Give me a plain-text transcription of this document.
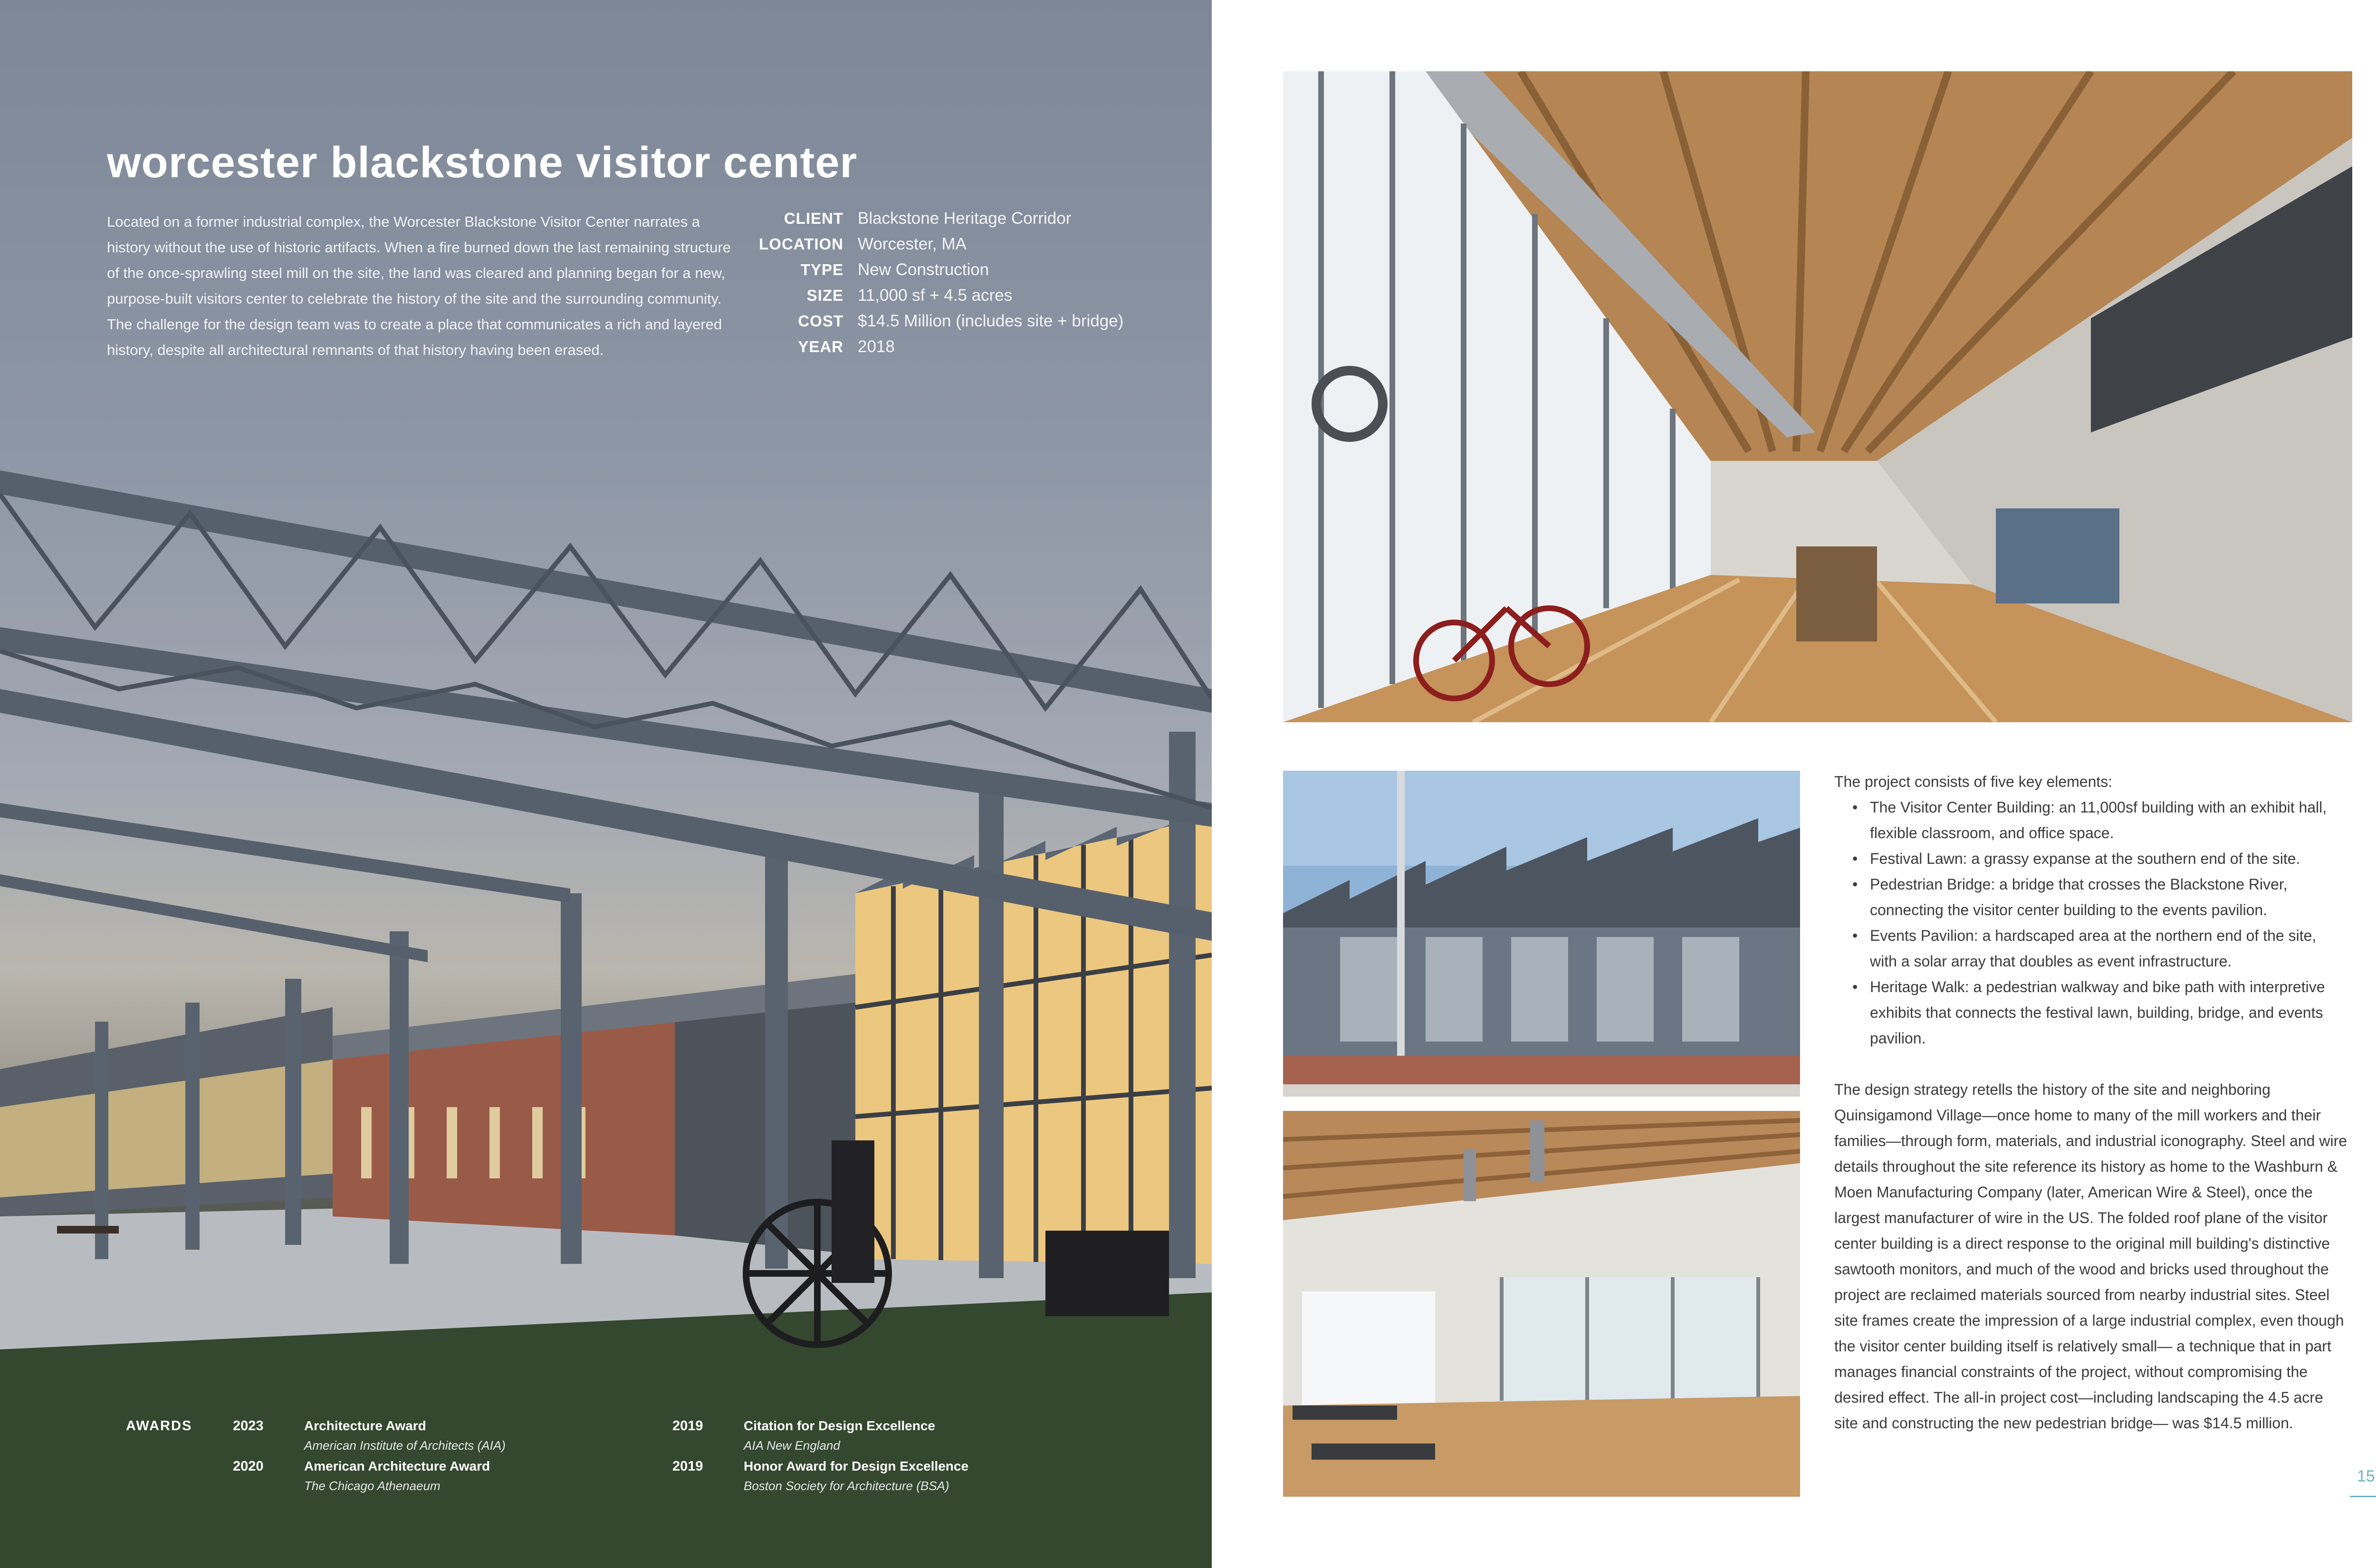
worcester blackstone visitor center

Located on a former industrial complex, the Worcester Blackstone Visitor Center narrates a history without the use of historic artifacts. When a fire burned down the last remaining structure of the once-sprawling steel mill on the site, the land was cleared and planning began for a new, purpose-built visitors center to celebrate the history of the site and the surrounding community. The challenge for the design team was to create a place that communicates a rich and layered history, despite all architectural remnants of that history having been erased.

CLIENT Blackstone Heritage Corridor
LOCATION Worcester, MA
TYPE New Construction
SIZE 11,000 sf + 4.5 acres
COST $14.5 Million (includes site + bridge)
YEAR 2018
AWARDS	2023	Architecture Award
American Institute of Architects (AIA)
2020	American Architecture Award
The Chicago Athenaeum
2019	Citation for Design Excellence
AIA New England
2019	Honor Award for Design Excellence
Boston Society for Architecture (BSA)

The project consists of five key elements:

• The Visitor Center Building: an 11,000sf building with an exhibit hall, flexible classroom, and office space.
• Festival Lawn: a grassy expanse at the southern end of the site.
• Pedestrian Bridge: a bridge that crosses the Blackstone River, connecting the visitor center building to the events pavilion.
• Events Pavilion: a hardscaped area at the northern end of the site, with a solar array that doubles as event infrastructure.
• Heritage Walk: a pedestrian walkway and bike path with interpretive exhibits that connects the festival lawn, building, bridge, and events pavilion.

The design strategy retells the history of the site and neighboring Quinsigamond Village—once home to many of the mill workers and their families—through form, materials, and industrial iconography. Steel and wire details throughout the site reference its history as home to the Washburn & Moen Manufacturing Company (later, American Wire & Steel), once the largest manufacturer of wire in the US. The folded roof plane of the visitor center building is a direct response to the original mill building's distinctive sawtooth monitors, and much of the wood and bricks used throughout the project are reclaimed materials sourced from nearby industrial sites. Steel site frames create the impression of a large industrial complex, even though the visitor center building itself is relatively small— a technique that in part manages financial constraints of the project, without compromising the desired effect. The all-in project cost—including landscaping the 4.5 acre site and constructing the new pedestrian bridge— was $14.5 million.

15
